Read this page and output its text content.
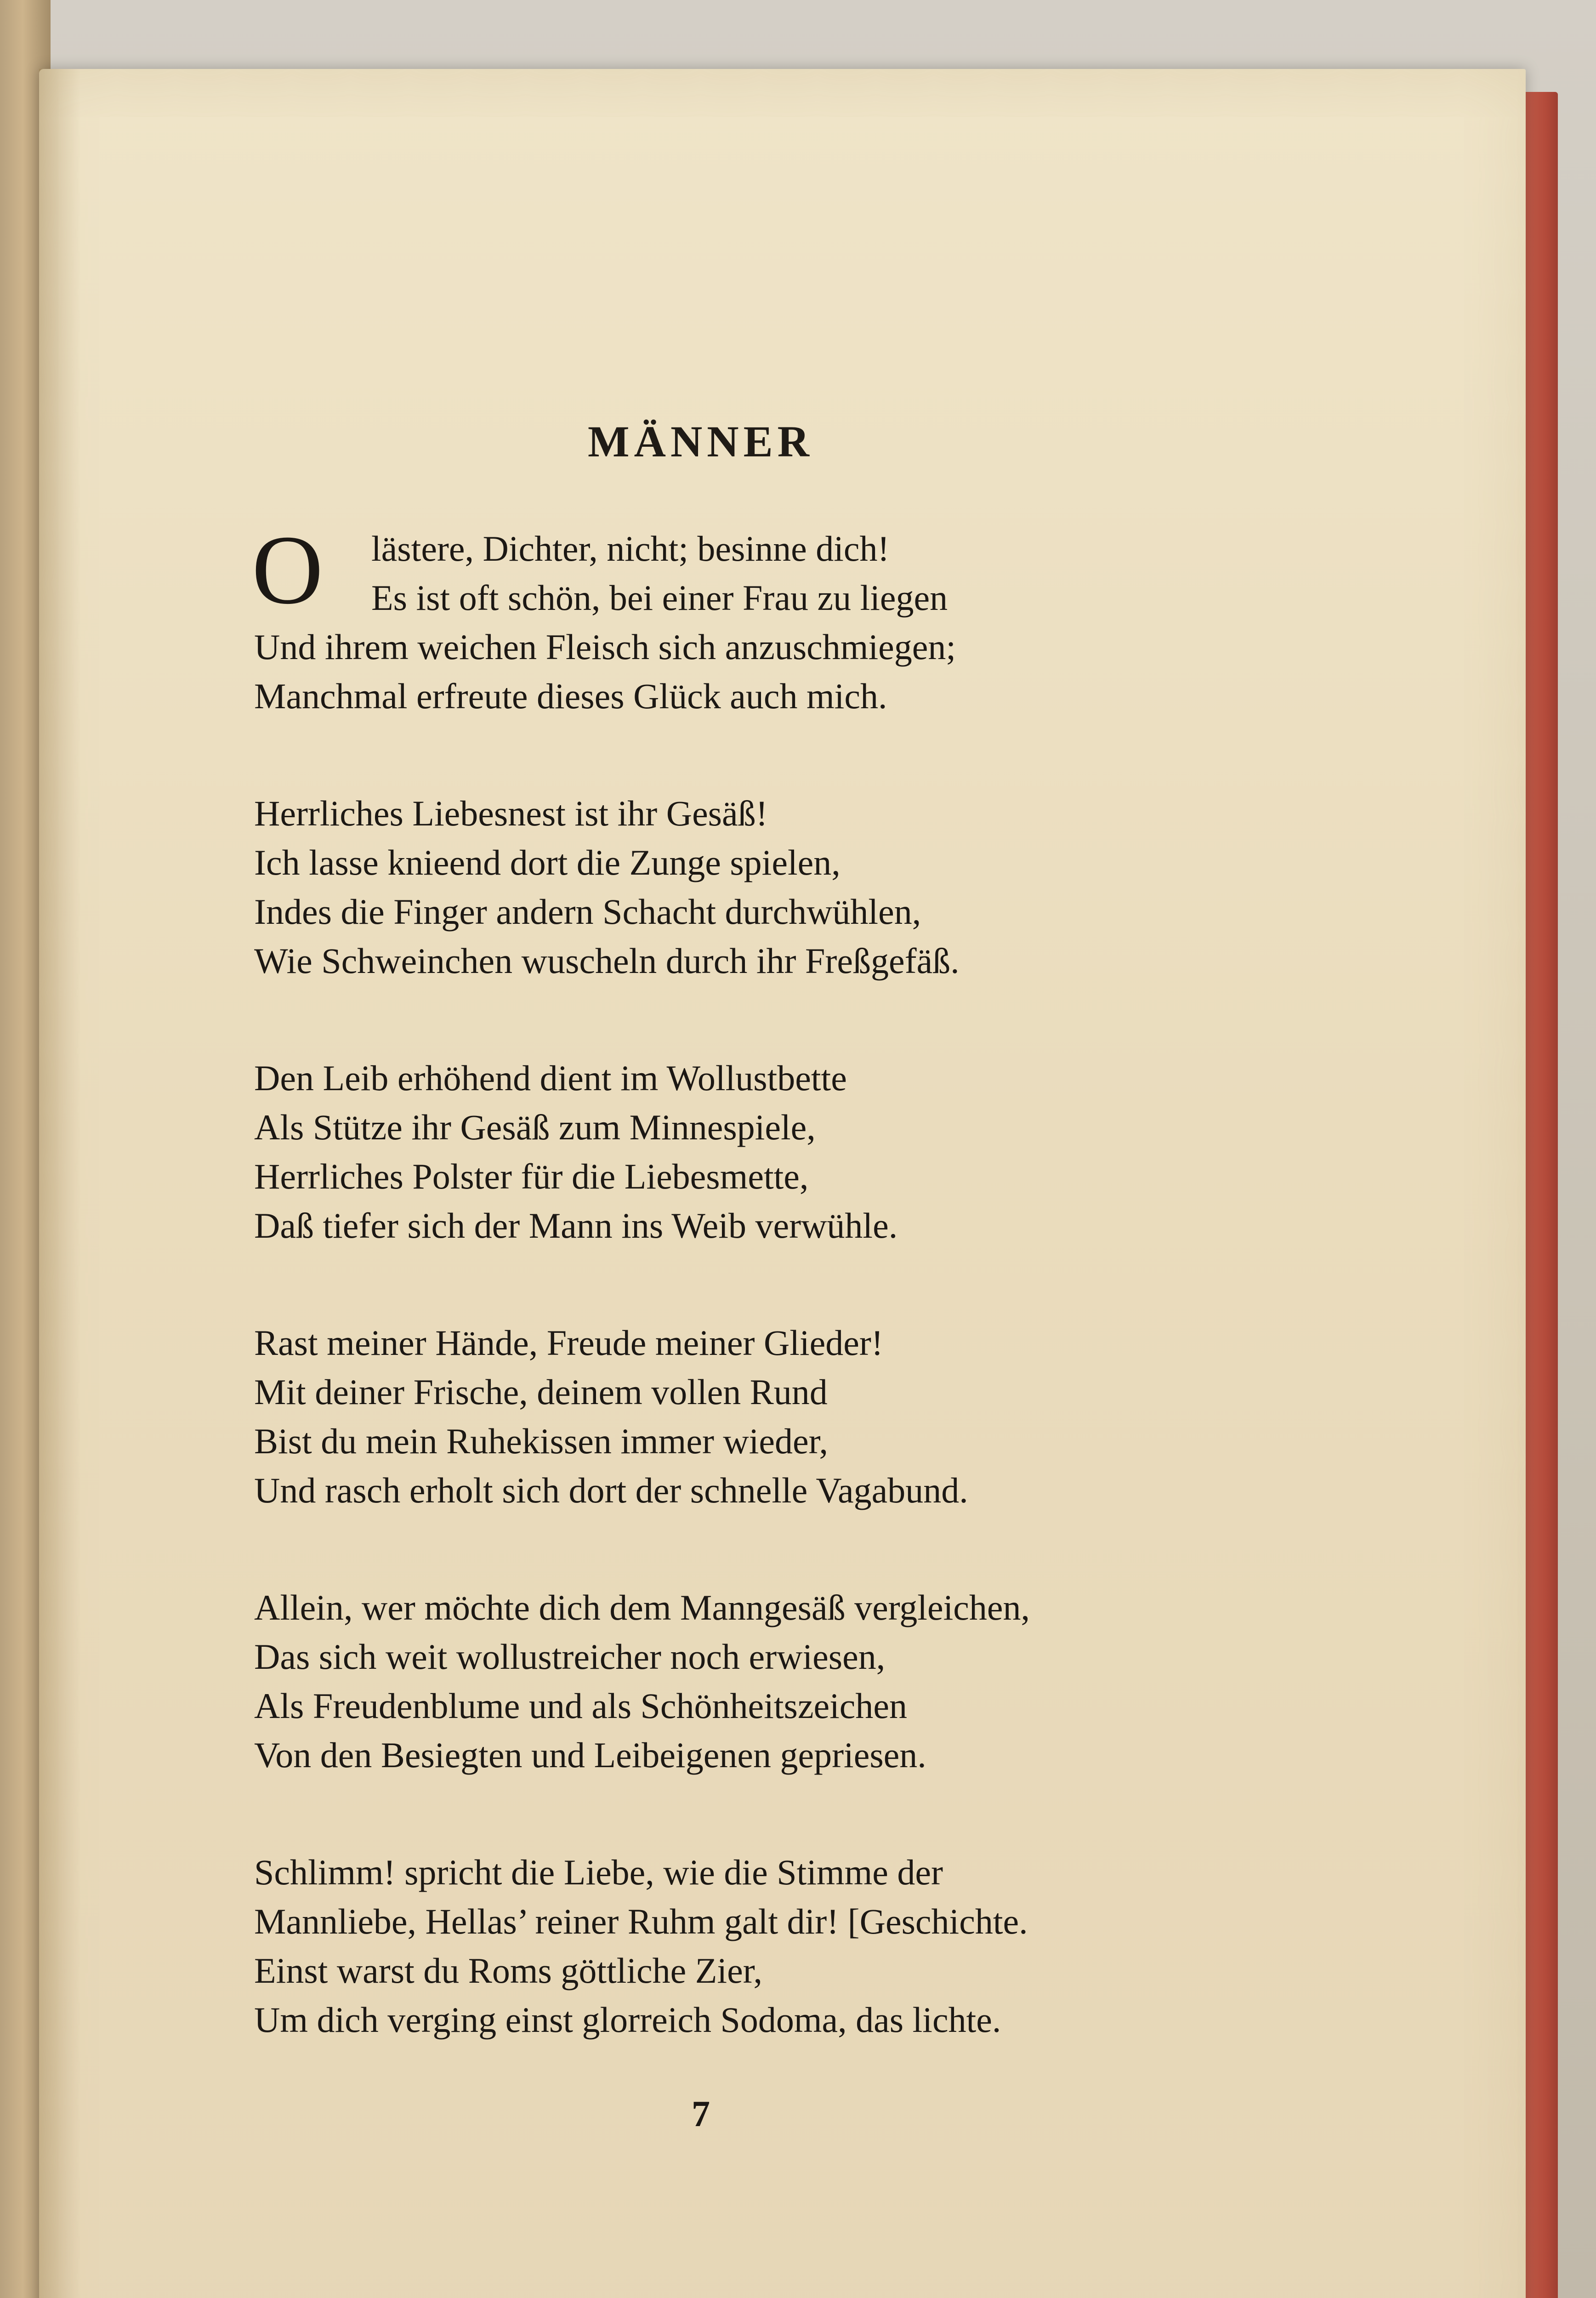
MÄNNER
O	lästere, Dichter, nicht; besinne dich!
Es ist oft schön, bei einer Frau zu liegen
Und ihrem weichen Fleisch sich anzuschmiegen;
Manchmal erfreute dieses Glück auch mich.
Herrliches Liebesnest ist ihr Gesäß!
Ich lasse knieend dort die Zunge spielen,
Indes die Finger andern Schacht durchwühlen,
Wie Schweinchen wuscheln durch ihr Freßgefäß.
Den Leib erhöhend dient im Wollustbette
Als Stütze ihr Gesäß zum Minnespiele,
Herrliches Polster für die Liebesmette,
Daß tiefer sich der Mann ins Weib verwühle.
Rast meiner Hände, Freude meiner Glieder!
Mit deiner Frische, deinem vollen Rund
Bist du mein Ruhekissen immer wieder,
Und rasch erholt sich dort der schnelle Vagabund.
Allein, wer möchte dich dem Manngesäß vergleichen,
Das sich weit wollustreicher noch erwiesen,
Als Freudenblume und als Schönheitszeichen
Von den Besiegten und Leibeigenen gepriesen.
Schlimm! spricht die Liebe, wie die Stimme der
Mannliebe, Hellas’ reiner Ruhm galt dir! [Geschichte.
Einst warst du Roms göttliche Zier,
Um dich verging einst glorreich Sodoma, das lichte.
7
